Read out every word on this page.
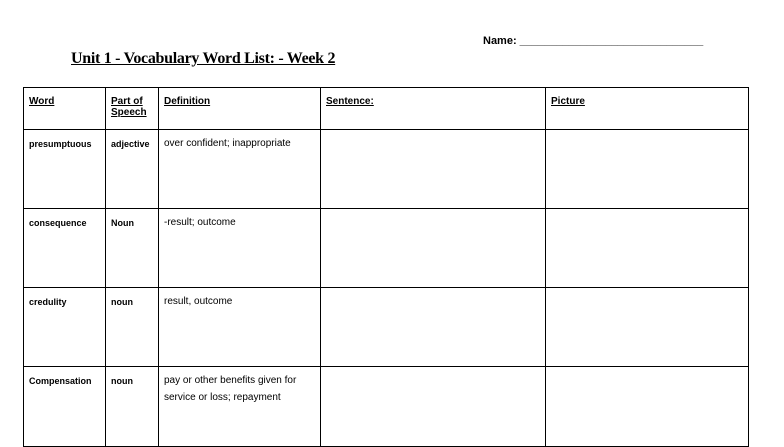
Name: ______________________________
Unit 1 - Vocabulary Word List: - Week 2
Word	Part of Speech	Definition	Sentence:	Picture
presumptuous	adjective	over confident; inappropriate		
consequence	Noun	-result; outcome		
credulity	noun	result, outcome		
Compensation	noun	pay or other benefits given for service or loss; repayment		
